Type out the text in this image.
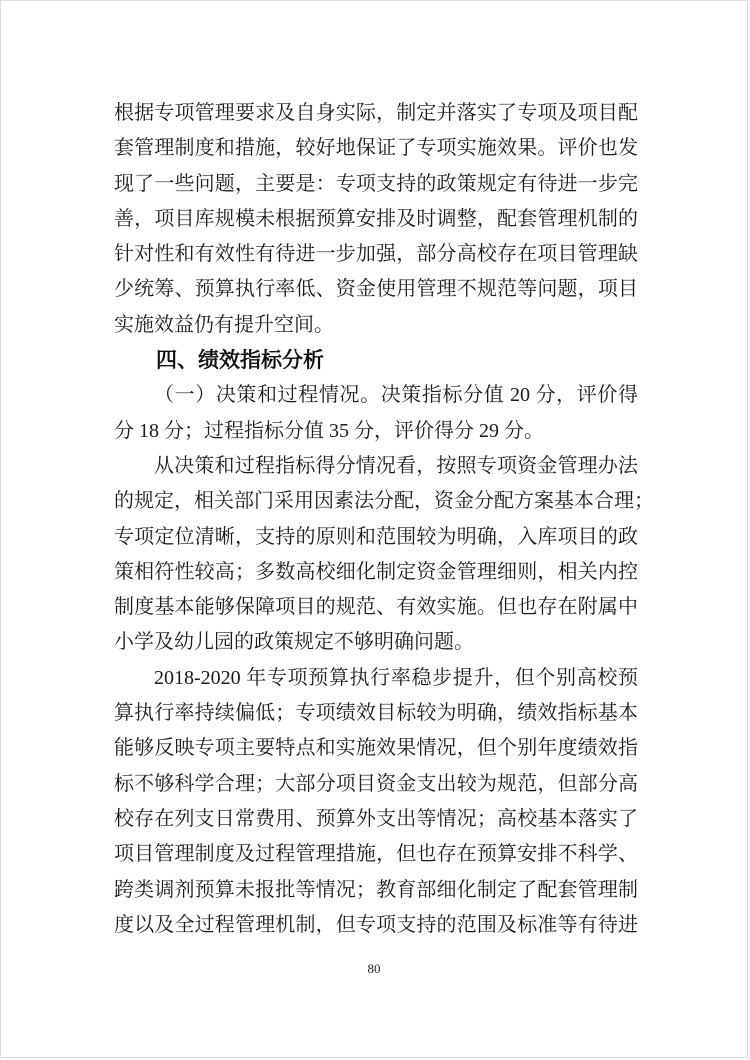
根据专项管理要求及自身实际，制定并落实了专项及项目配

套管理制度和措施，较好地保证了专项实施效果。评价也发

现了一些问题，主要是：专项支持的政策规定有待进一步完

善，项目库规模未根据预算安排及时调整，配套管理机制的

针对性和有效性有待进一步加强，部分高校存在项目管理缺

少统筹、预算执行率低、资金使用管理不规范等问题，项目

实施效益仍有提升空间。

四、绩效指标分析

（一）决策和过程情况。决策指标分值 20 分，评价得

分 18 分；过程指标分值 35 分，评价得分 29 分。

从决策和过程指标得分情况看，按照专项资金管理办法

的规定，相关部门采用因素法分配，资金分配方案基本合理；

专项定位清晰，支持的原则和范围较为明确，入库项目的政

策相符性较高；多数高校细化制定资金管理细则，相关内控

制度基本能够保障项目的规范、有效实施。但也存在附属中

小学及幼儿园的政策规定不够明确问题。

2018-2020 年专项预算执行率稳步提升，但个别高校预

算执行率持续偏低；专项绩效目标较为明确，绩效指标基本

能够反映专项主要特点和实施效果情况，但个别年度绩效指

标不够科学合理；大部分项目资金支出较为规范，但部分高

校存在列支日常费用、预算外支出等情况；高校基本落实了

项目管理制度及过程管理措施，但也存在预算安排不科学、

跨类调剂预算未报批等情况；教育部细化制定了配套管理制

度以及全过程管理机制，但专项支持的范围及标准等有待进

80
